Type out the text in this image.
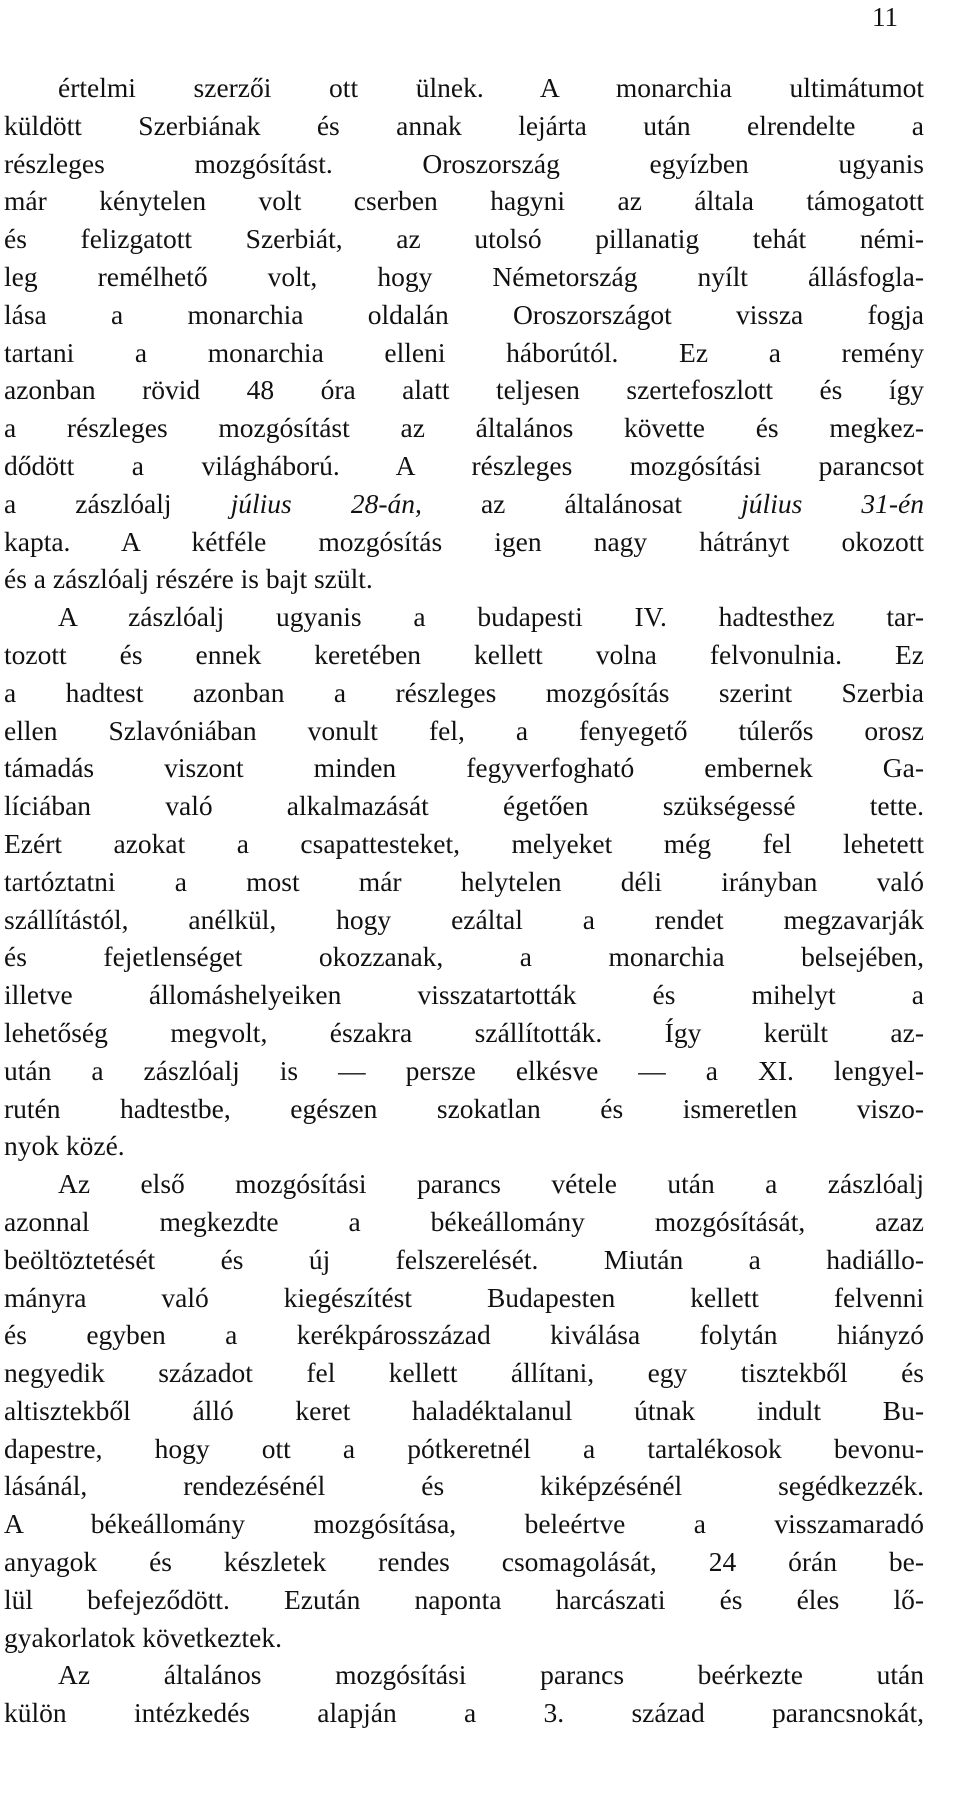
11
értelmi szerzői ott ülnek. A monarchia ultimátumot
küldött Szerbiának és annak lejárta után elrendelte a
részleges mozgósítást. Oroszország egyízben ugyanis
már kénytelen volt cserben hagyni az általa támogatott
és felizgatott Szerbiát, az utolsó pillanatig tehát némi-
leg remélhető volt, hogy Németország nyílt állásfogla-
lása a monarchia oldalán Oroszországot vissza fogja
tartani a monarchia elleni háborútól. Ez a remény
azonban rövid 48 óra alatt teljesen szertefoszlott és így
a részleges mozgósítást az általános követte és megkez-
dődött a világháború. A részleges mozgósítási parancsot
a zászlóalj július 28-án, az általánosat július 31-én
kapta. A kétféle mozgósítás igen nagy hátrányt okozott
és a zászlóalj részére is bajt szült.
A zászlóalj ugyanis a budapesti IV. hadtesthez tar-
tozott és ennek keretében kellett volna felvonulnia. Ez
a hadtest azonban a részleges mozgósítás szerint Szerbia
ellen Szlavóniában vonult fel, a fenyegető túlerős orosz
támadás viszont minden fegyverfogható embernek Ga-
líciában való alkalmazását égetően szükségessé tette.
Ezért azokat a csapattesteket, melyeket még fel lehetett
tartóztatni a most már helytelen déli irányban való
szállítástól, anélkül, hogy ezáltal a rendet megzavarják
és fejetlenséget okozzanak, a monarchia belsejében,
illetve állomáshelyeiken visszatartották és mihelyt a
lehetőség megvolt, északra szállították. Így került az-
után a zászlóalj is — persze elkésve — a XI. lengyel-
rutén hadtestbe, egészen szokatlan és ismeretlen viszo-
nyok közé.
Az első mozgósítási parancs vétele után a zászlóalj
azonnal megkezdte a békeállomány mozgósítását, azaz
beöltöztetését és új felszerelését. Miután a hadiállo-
mányra való kiegészítést Budapesten kellett felvenni
és egyben a kerékpárosszázad kiválása folytán hiányzó
negyedik századot fel kellett állítani, egy tisztekből és
altisztekből álló keret haladéktalanul útnak indult Bu-
dapestre, hogy ott a pótkeretnél a tartalékosok bevonu-
lásánál, rendezésénél és kiképzésénél segédkezzék.
A békeállomány mozgósítása, beleértve a visszamaradó
anyagok és készletek rendes csomagolását, 24 órán be-
lül befejeződött. Ezután naponta harcászati és éles lő-
gyakorlatok következtek.
Az általános mozgósítási parancs beérkezte után
külön intézkedés alapján a 3. század parancsnokát,
